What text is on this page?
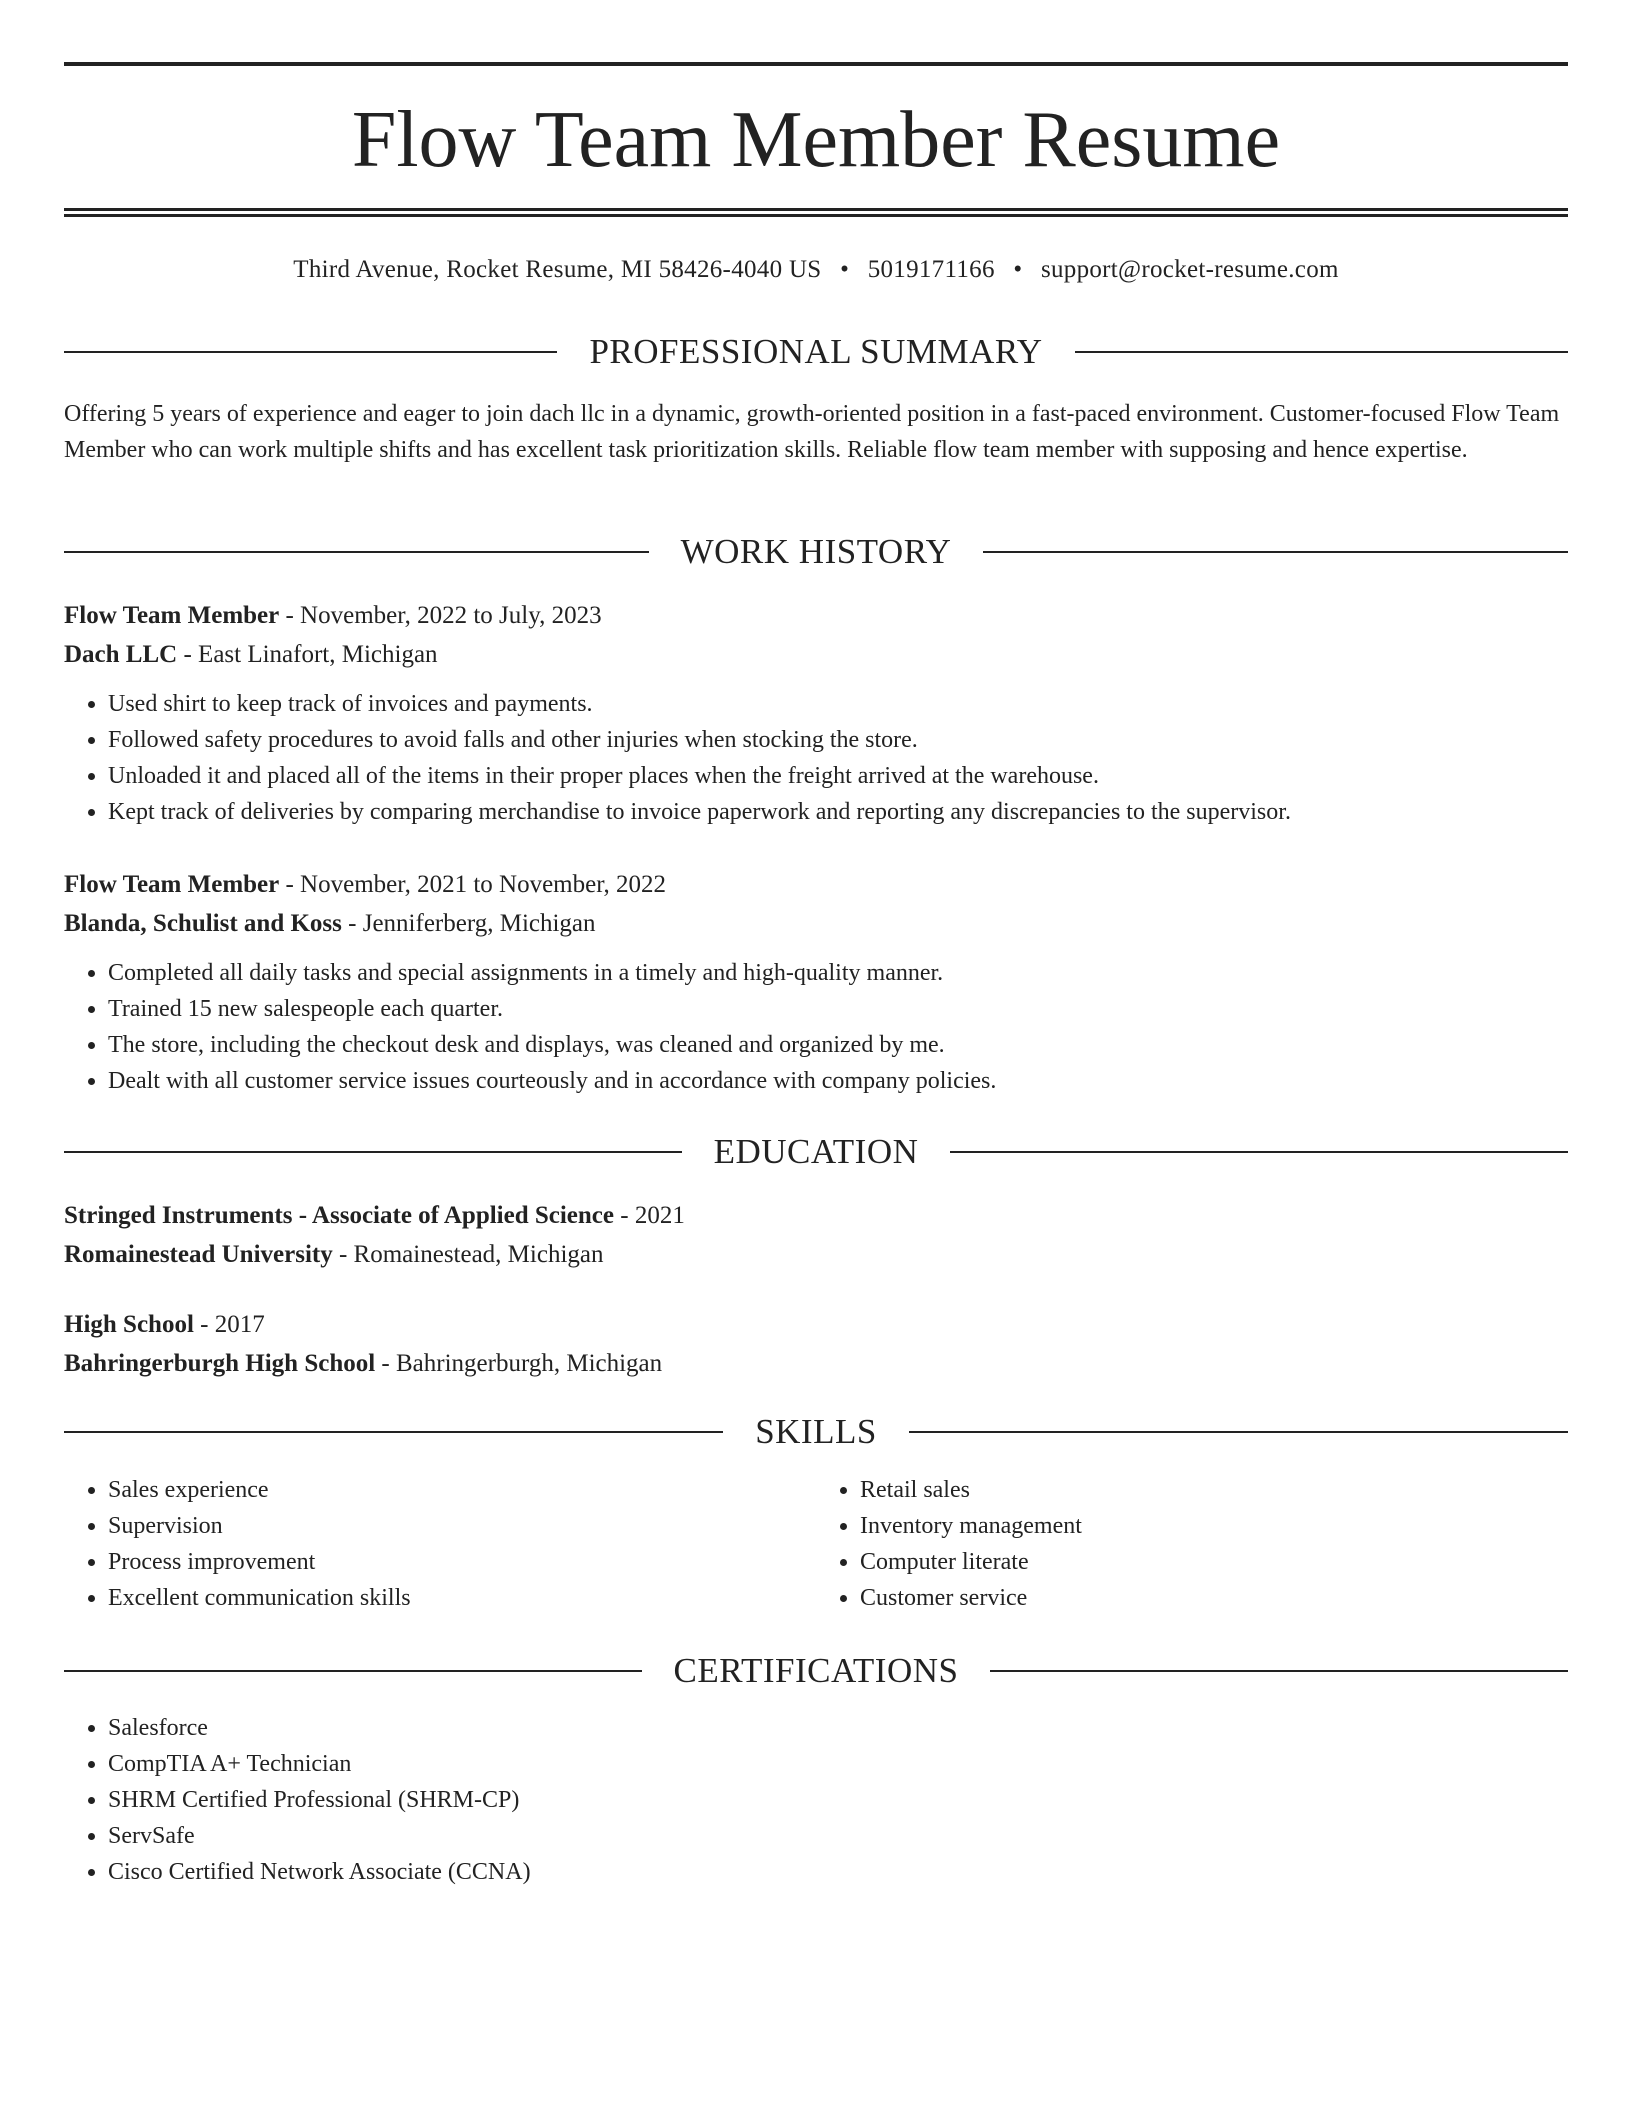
Flow Team Member Resume
Third Avenue, Rocket Resume, MI 58426-4040 US • 5019171166 • support@rocket-resume.com
PROFESSIONAL SUMMARY

Offering 5 years of experience and eager to join dach llc in a dynamic, growth-oriented position in a fast-paced environment. Customer-focused Flow Team Member who can work multiple shifts and has excellent task prioritization skills. Reliable flow team member with supposing and hence expertise.

WORK HISTORY

Flow Team Member - November, 2022 to July, 2023

Dach LLC - East Linafort, Michigan

• Used shirt to keep track of invoices and payments.
• Followed safety procedures to avoid falls and other injuries when stocking the store.
• Unloaded it and placed all of the items in their proper places when the freight arrived at the warehouse.
• Kept track of deliveries by comparing merchandise to invoice paperwork and reporting any discrepancies to the supervisor.

Flow Team Member - November, 2021 to November, 2022

Blanda, Schulist and Koss - Jenniferberg, Michigan

• Completed all daily tasks and special assignments in a timely and high-quality manner.
• Trained 15 new salespeople each quarter.
• The store, including the checkout desk and displays, was cleaned and organized by me.
• Dealt with all customer service issues courteously and in accordance with company policies.
EDUCATION

Stringed Instruments - Associate of Applied Science - 2021

Romainestead University - Romainestead, Michigan

High School - 2017

Bahringerburgh High School - Bahringerburgh, Michigan

SKILLS
• Sales experience
• Supervision
• Process improvement
• Excellent communication skills
• Retail sales
• Inventory management
• Computer literate
• Customer service
CERTIFICATIONS
• Salesforce
• CompTIA A+ Technician
• SHRM Certified Professional (SHRM-CP)
• ServSafe
• Cisco Certified Network Associate (CCNA)
